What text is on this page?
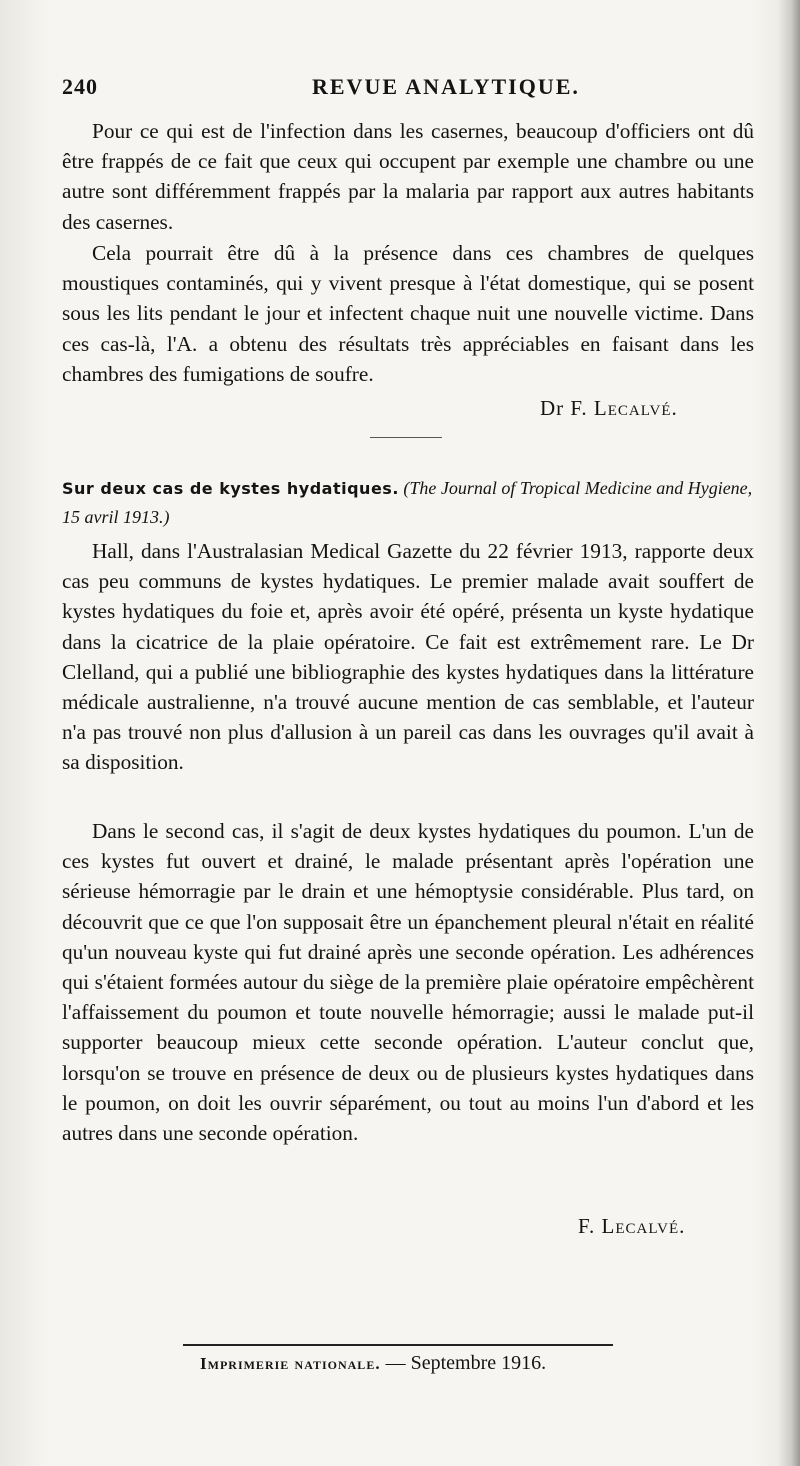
240	REVUE ANALYTIQUE.
Pour ce qui est de l'infection dans les casernes, beaucoup d'officiers ont dû être frappés de ce fait que ceux qui occupent par exemple une chambre ou une autre sont différemment frappés par la malaria par rapport aux autres habitants des casernes.
Cela pourrait être dû à la présence dans ces chambres de quelques moustiques contaminés, qui y vivent presque à l'état domestique, qui se posent sous les lits pendant le jour et infectent chaque nuit une nouvelle victime. Dans ces cas-là, l'A. a obtenu des résultats très appréciables en faisant dans les chambres des fumigations de soufre.
Dr F. Lecalvé.
Sur deux cas de kystes hydatiques. (The Journal of Tropical Medicine and Hygiene, 15 avril 1913.)
Hall, dans l'Australasian Medical Gazette du 22 février 1913, rapporte deux cas peu communs de kystes hydatiques. Le premier malade avait souffert de kystes hydatiques du foie et, après avoir été opéré, présenta un kyste hydatique dans la cicatrice de la plaie opératoire. Ce fait est extrêmement rare. Le Dr Clelland, qui a publié une bibliographie des kystes hydatiques dans la littérature médicale australienne, n'a trouvé aucune mention de cas semblable, et l'auteur n'a pas trouvé non plus d'allusion à un pareil cas dans les ouvrages qu'il avait à sa disposition.
Dans le second cas, il s'agit de deux kystes hydatiques du poumon. L'un de ces kystes fut ouvert et drainé, le malade présentant après l'opération une sérieuse hémorragie par le drain et une hémoptysie considérable. Plus tard, on découvrit que ce que l'on supposait être un épanchement pleural n'était en réalité qu'un nouveau kyste qui fut drainé après une seconde opération. Les adhérences qui s'étaient formées autour du siège de la première plaie opératoire empêchèrent l'affaissement du poumon et toute nouvelle hémorragie; aussi le malade put-il supporter beaucoup mieux cette seconde opération. L'auteur conclut que, lorsqu'on se trouve en présence de deux ou de plusieurs kystes hydatiques dans le poumon, on doit les ouvrir séparément, ou tout au moins l'un d'abord et les autres dans une seconde opération.
F. Lecalvé.
Imprimerie nationale. — Septembre 1916.
